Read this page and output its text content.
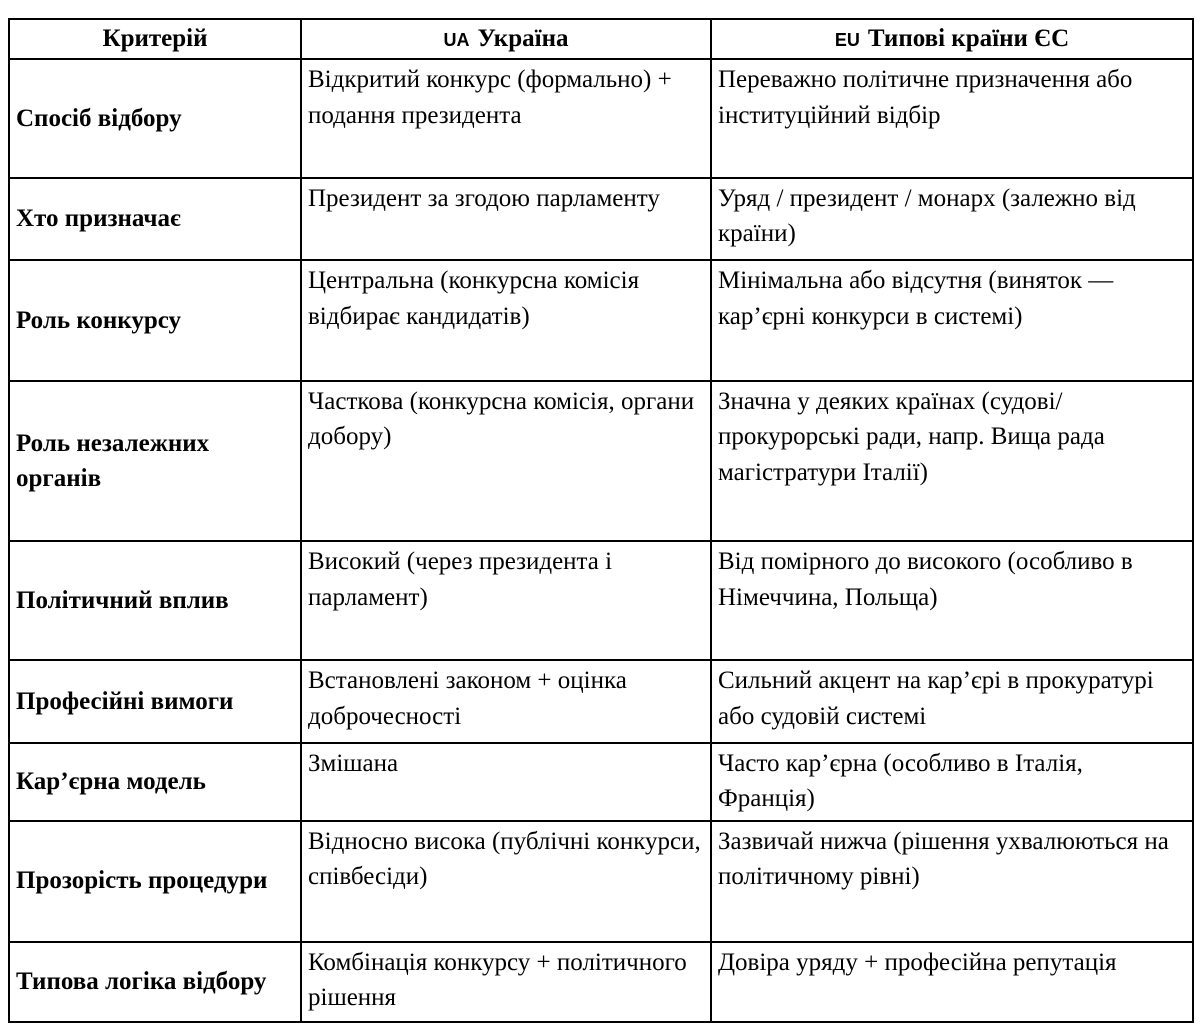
Критерій	UA Україна	EU Типові країни ЄС
Спосіб відбору	Відкритий конкурс (формально) + подання президента	Переважно політичне призначення або інституційний відбір
Хто призначає	Президент за згодою парламенту	Уряд / президент / монарх (залежно від країни)
Роль конкурсу	Центральна (конкурсна комісія відбирає кандидатів)	Мінімальна або відсутня (виняток — кар’єрні конкурси в системі)
Роль незалежних органів	Часткова (конкурсна комісія, органи добору)	Значна у деяких країнах (судові/прокурорські ради, напр. Вища рада магістратури Італії)
Політичний вплив	Високий (через президента і парламент)	Від помірного до високого (особливо в Німеччина, Польща)
Професійні вимоги	Встановлені законом + оцінка доброчесності	Сильний акцент на кар’єрі в прокуратурі або судовій системі
Кар’єрна модель	Змішана	Часто кар’єрна (особливо в Італія, Франція)
Прозорість процедури	Відносно висока (публічні конкурси, співбесіди)	Зазвичай нижча (рішення ухвалюються на політичному рівні)
Типова логіка відбору	Комбінація конкурсу + політичного рішення	Довіра уряду + професійна репутація
